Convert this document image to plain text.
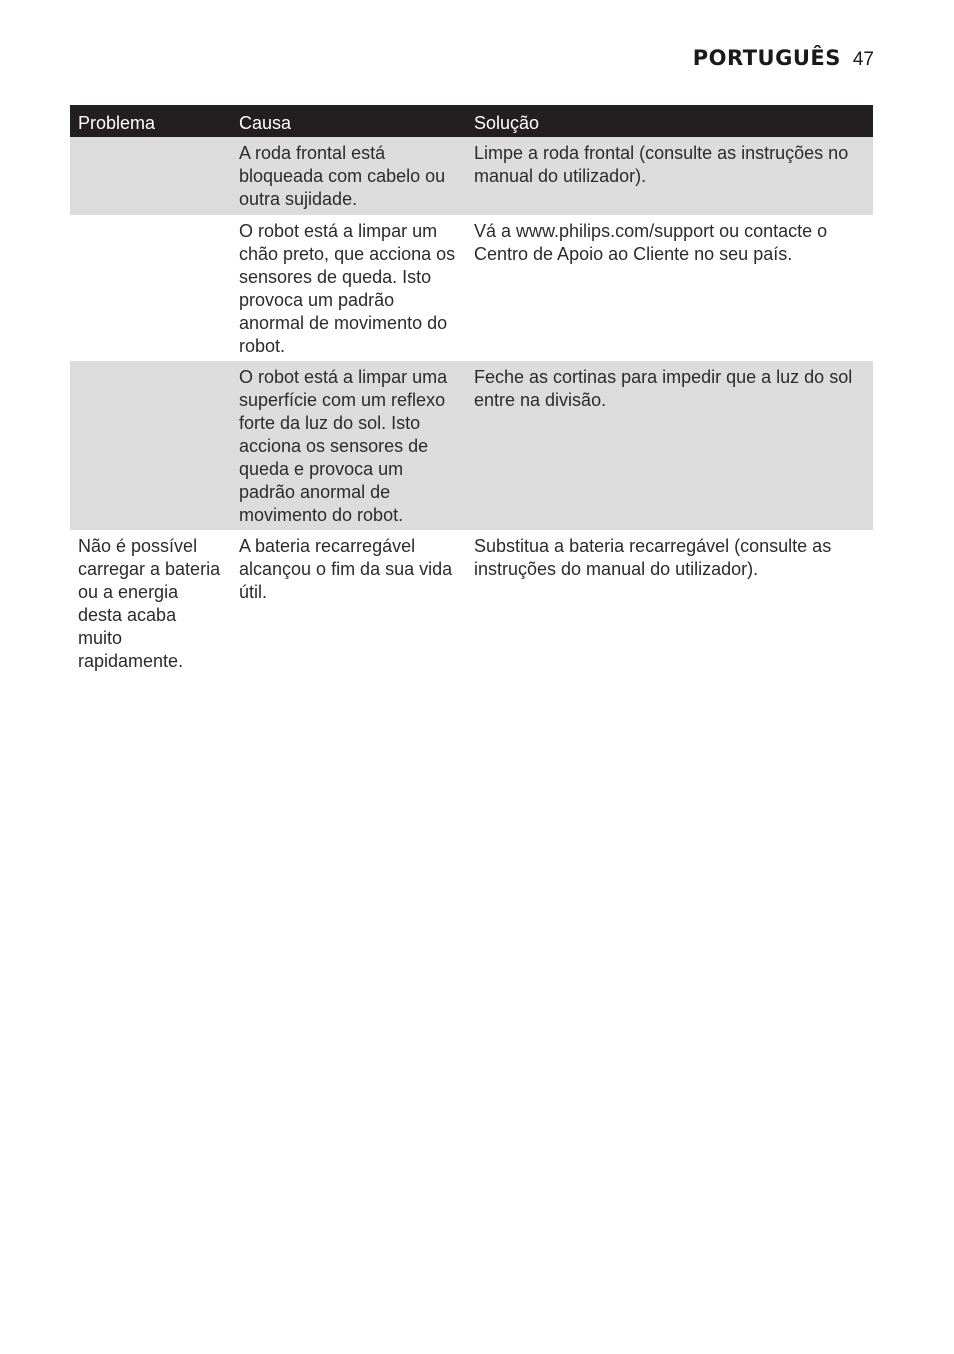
PORTUGUÊS 47
Problema	Causa	Solução
A roda frontal está bloqueada com cabelo ou outra sujidade.
Limpe a roda frontal (consulte as instruções no manual do utilizador).
O robot está a limpar um chão preto, que acciona os sensores de queda. Isto provoca um padrão anormal de movimento do robot.
Vá a www.philips.com/support ou contacte o Centro de Apoio ao Cliente no seu país.
O robot está a limpar uma superfície com um reflexo forte da luz do sol. Isto acciona os sensores de queda e provoca um padrão anormal de movimento do robot.
Feche as cortinas para impedir que a luz do sol entre na divisão.
Não é possível carregar a bateria ou a energia desta acaba muito rapidamente.
A bateria recarregável alcançou o fim da sua vida útil.
Substitua a bateria recarregável (consulte as instruções do manual do utilizador).
